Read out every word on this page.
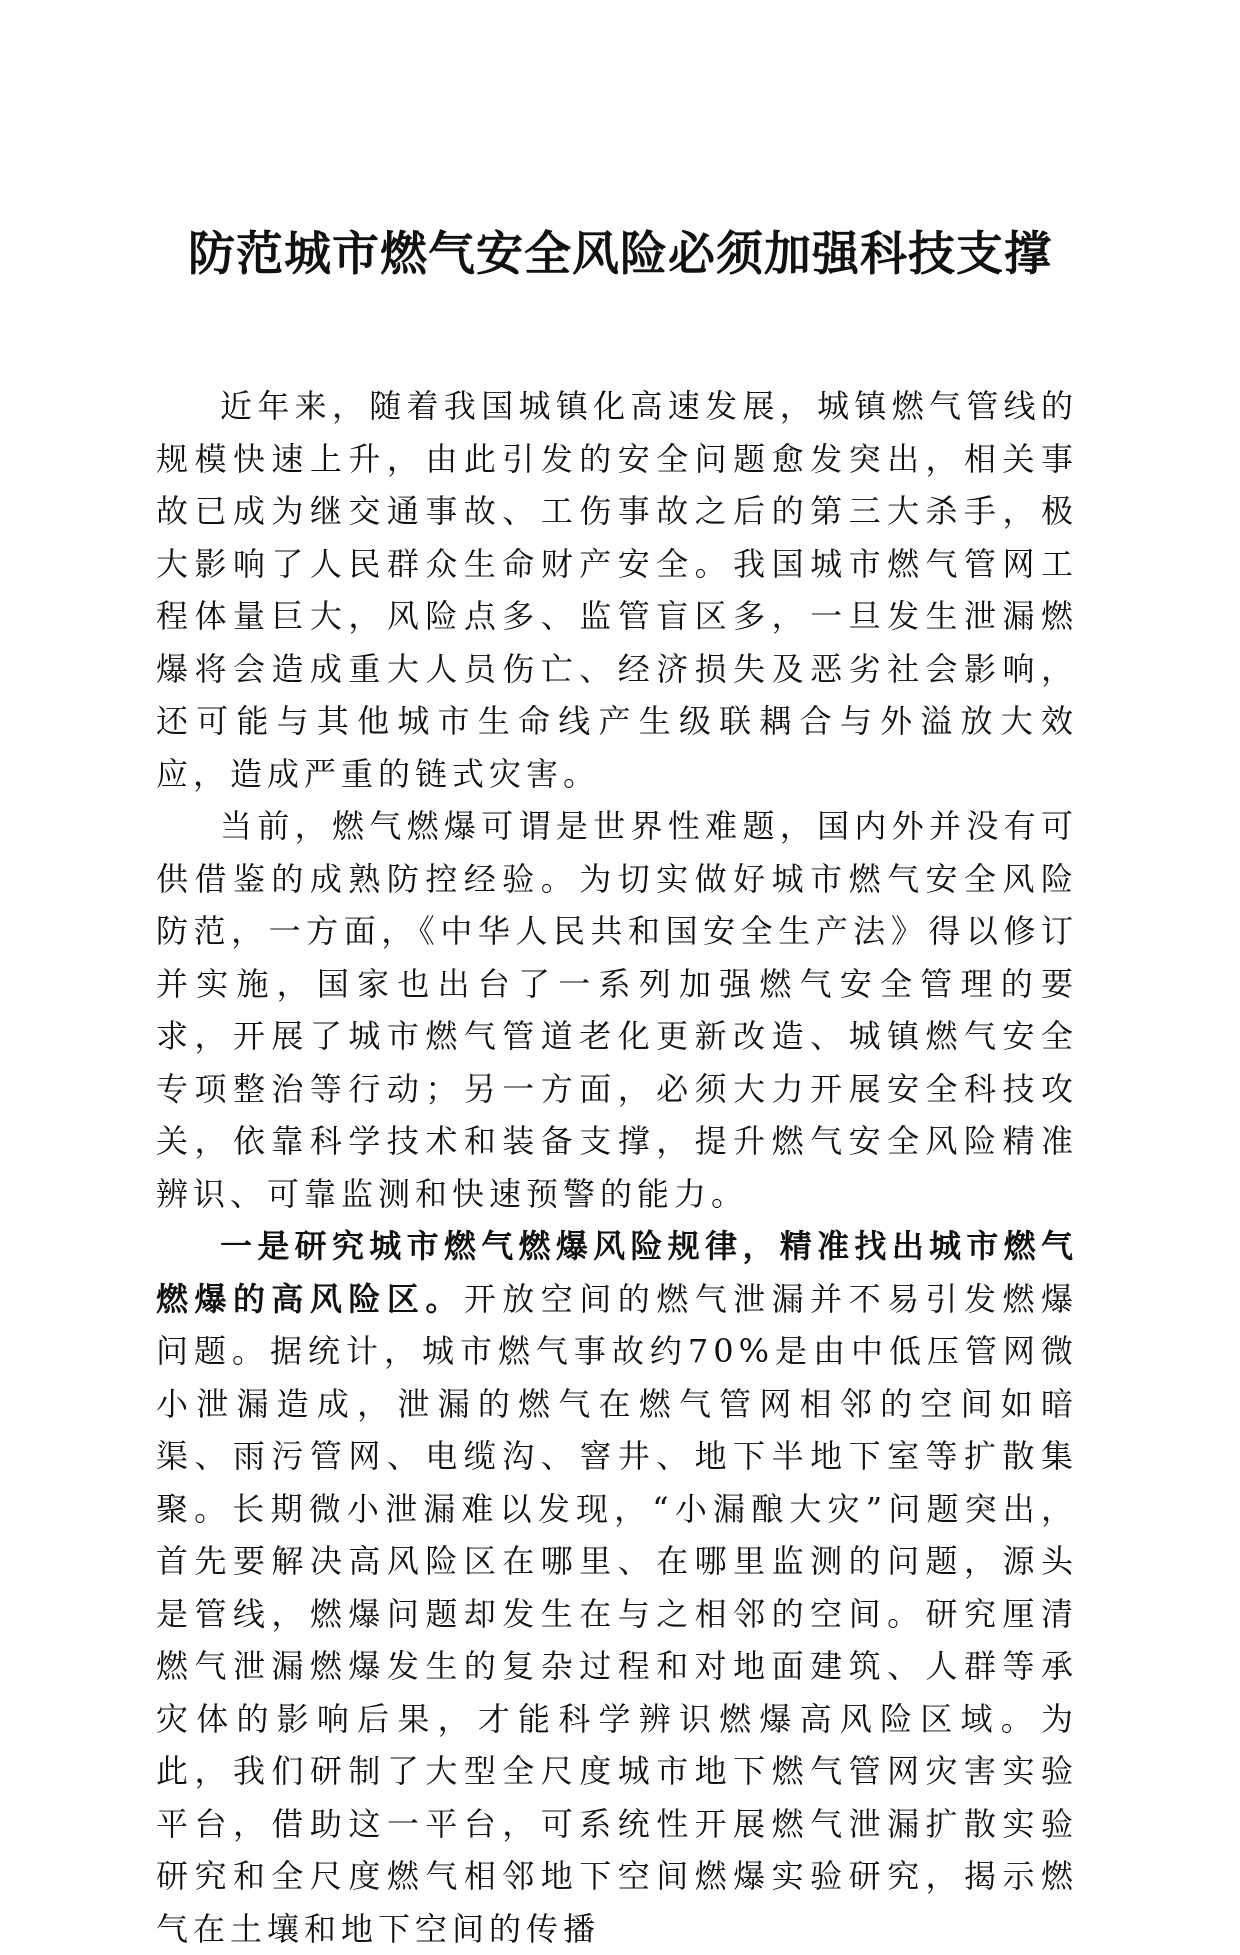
防范城市燃气安全风险必须加强科技支撑

近年来，随着我国城镇化高速发展，城镇燃气管线的规模快速上升，由此引发的安全问题愈发突出，相关事故已成为继交通事故、工伤事故之后的第三大杀手，极大影响了人民群众生命财产安全。我国城市燃气管网工程体量巨大，风险点多、监管盲区多，一旦发生泄漏燃爆将会造成重大人员伤亡、经济损失及恶劣社会影响，还可能与其他城市生命线产生级联耦合与外溢放大效应，造成严重的链式灾害。

当前，燃气燃爆可谓是世界性难题，国内外并没有可供借鉴的成熟防控经验。为切实做好城市燃气安全风险防范，一方面，《中华人民共和国安全生产法》得以修订并实施，国家也出台了一系列加强燃气安全管理的要求，开展了城市燃气管道老化更新改造、城镇燃气安全专项整治等行动；另一方面，必须大力开展安全科技攻关，依靠科学技术和装备支撑，提升燃气安全风险精准辨识、可靠监测和快速预警的能力。

一是研究城市燃气燃爆风险规律，精准找出城市燃气燃爆的高风险区。开放空间的燃气泄漏并不易引发燃爆问题。据统计，城市燃气事故约70%是由中低压管网微小泄漏造成，泄漏的燃气在燃气管网相邻的空间如暗渠、雨污管网、电缆沟、窨井、地下半地下室等扩散集聚。长期微小泄漏难以发现，“小漏酿大灾”问题突出，首先要解决高风险区在哪里、在哪里监测的问题，源头是管线，燃爆问题却发生在与之相邻的空间。研究厘清燃气泄漏燃爆发生的复杂过程和对地面建筑、人群等承灾体的影响后果，才能科学辨识燃爆高风险区域。为此，我们研制了大型全尺度城市地下燃气管网灾害实验平台，借助这一平台，可系统性开展燃气泄漏扩散实验研究和全尺度燃气相邻地下空间燃爆实验研究，揭示燃气在土壤和地下空间的传播
